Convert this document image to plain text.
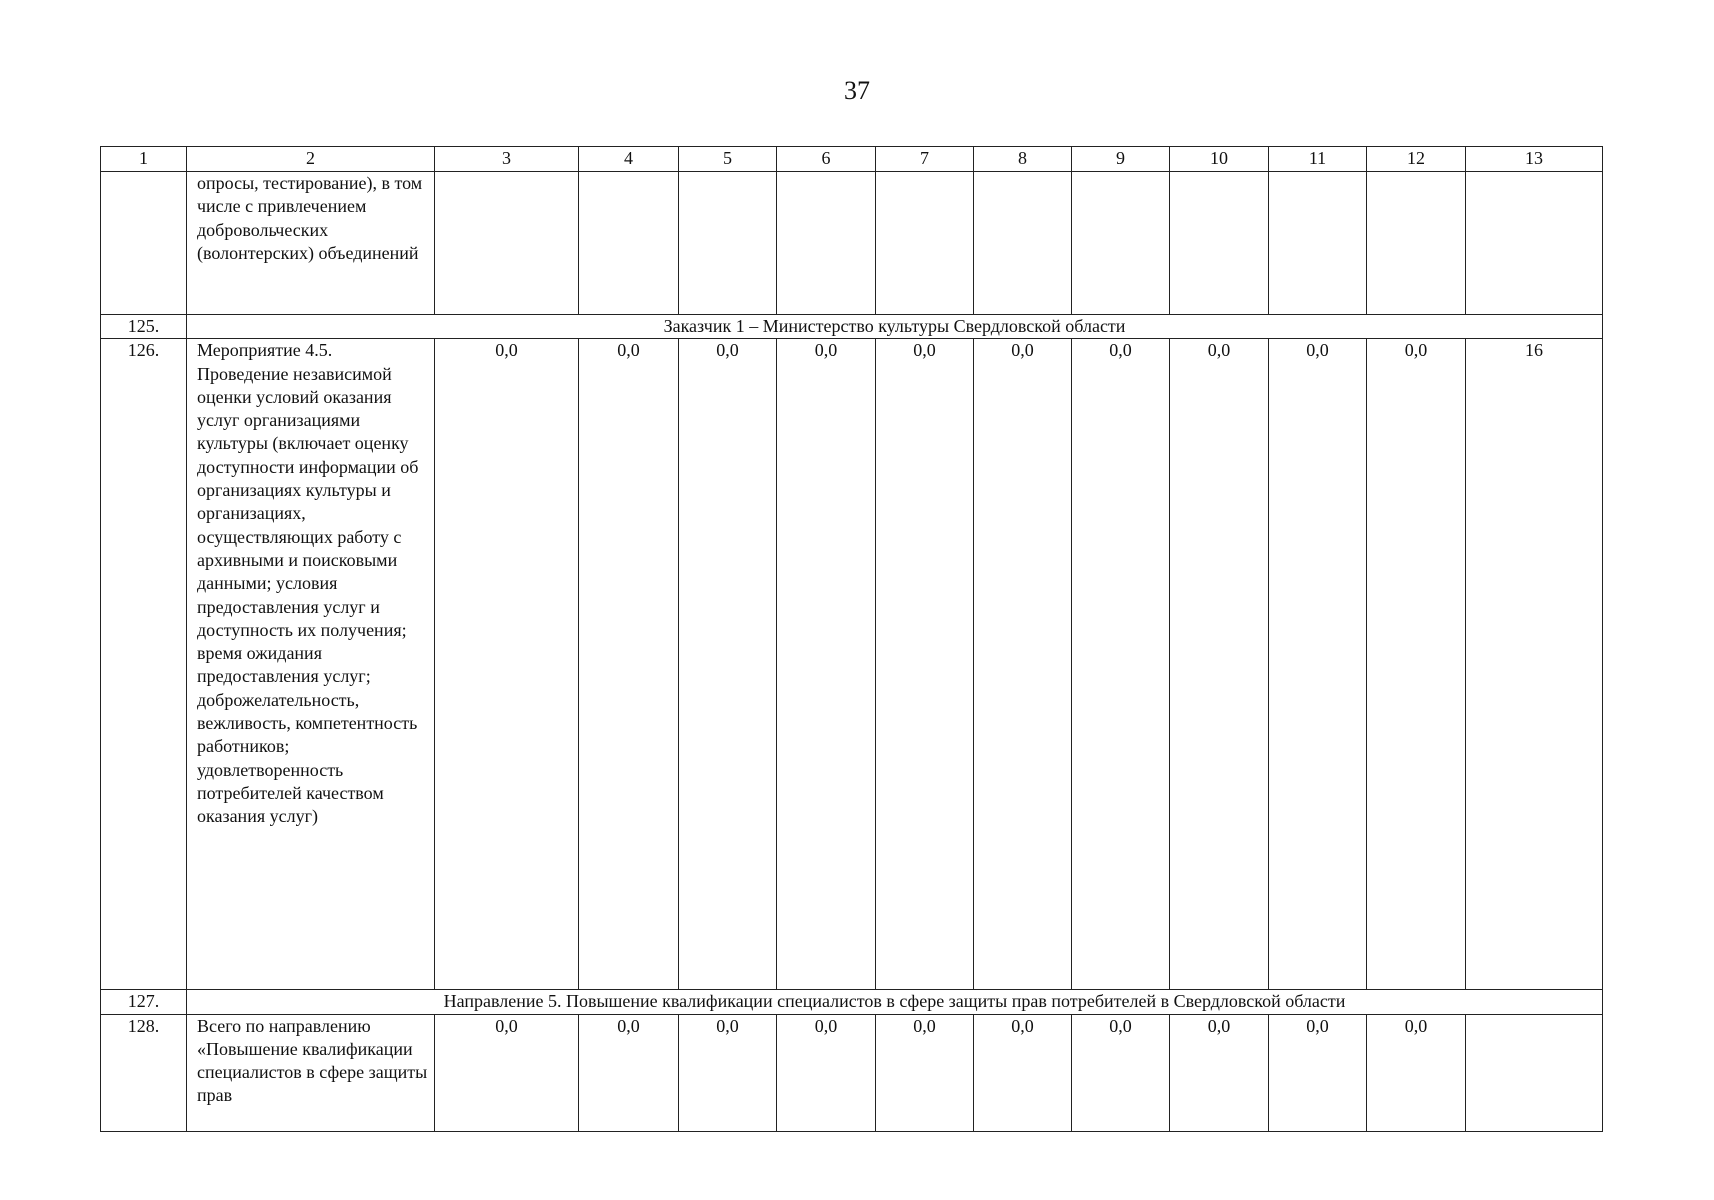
37
1	2	3	4	5	6	7	8	9	10	11	12	13
	опросы, тестирование), в том числе с привлечением добровольческих (волонтерских) объединений											
125.	Заказчик 1 – Министерство культуры Свердловской области											
126.	Мероприятие 4.5. Проведение независимой оценки условий оказания услуг организациями культуры (включает оценку доступности информации об организациях культуры и организациях, осуществляющих работу с архивными и поисковыми данными; условия предоставления услуг и доступность их получения; время ожидания предоставления услуг; доброжелательность, вежливость, компетентность работников; удовлетворенность потребителей качеством оказания услуг)	0,0	0,0	0,0	0,0	0,0	0,0	0,0	0,0	0,0	0,0	16
127.	Направление 5. Повышение квалификации специалистов в сфере защиты прав потребителей в Свердловской области											
128.	Всего по направлению «Повышение квалификации специалистов в сфере защиты прав	0,0	0,0	0,0	0,0	0,0	0,0	0,0	0,0	0,0	0,0	
